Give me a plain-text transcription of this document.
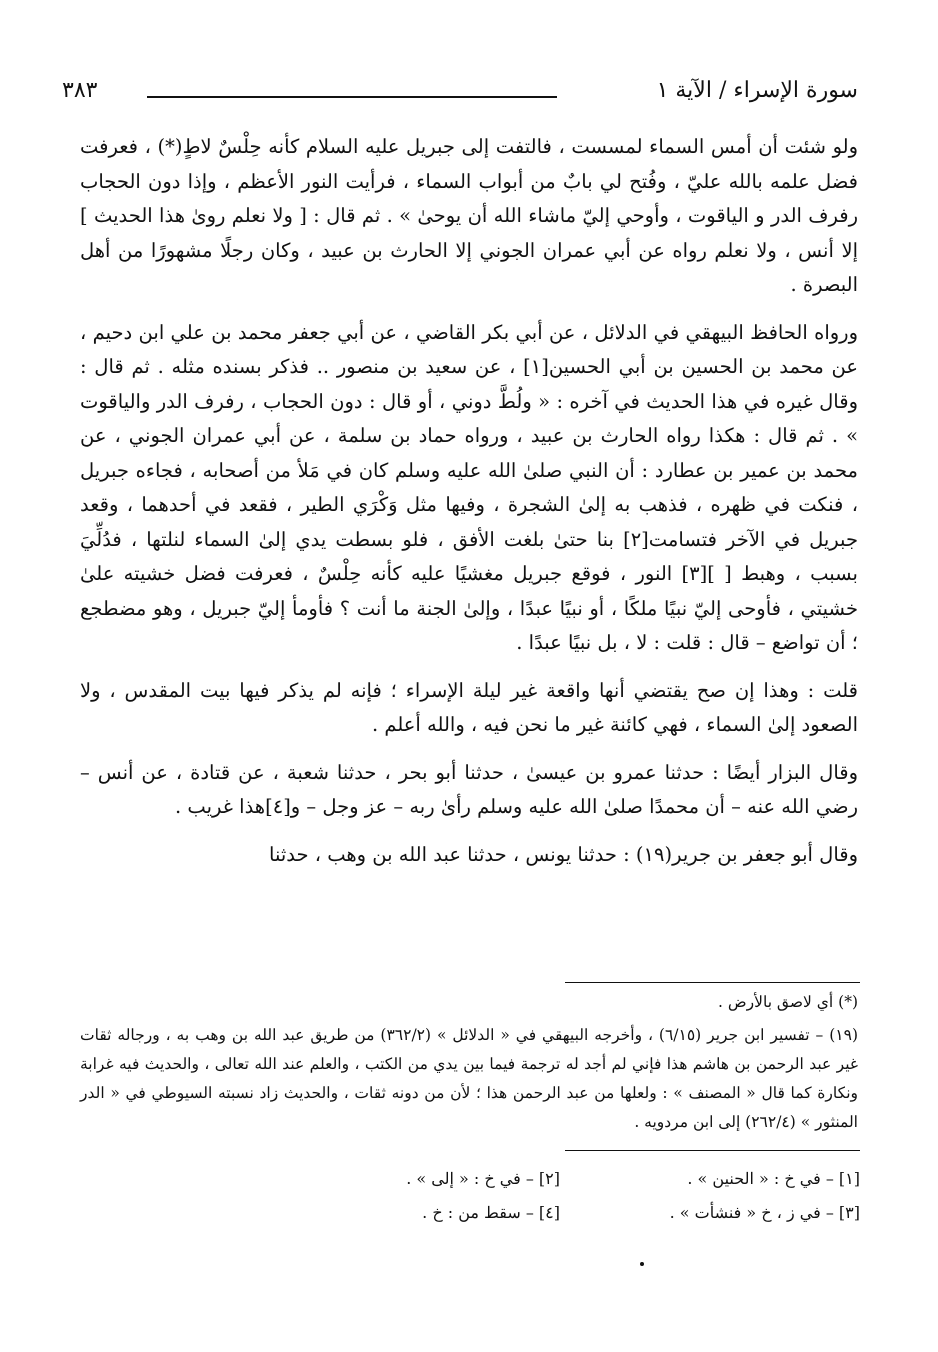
سورة الإسراء / الآية ١
٣٨٣

ولو شئت أن أمس السماء لمسست ، فالتفت إلى جبريل عليه السلام كأنه حِلْسٌ لاطٍ(*) ، فعرفت فضل علمه بالله عليّ ، وفُتح لي بابٌ من أبواب السماء ، فرأيت النور الأعظم ، وإذا دون الحجاب رفرف الدر و الياقوت ، وأوحي إليّ ماشاء الله أن يوحىٰ » . ثم قال : [ ولا نعلم روىٰ هذا الحديث ] إلا أنس ، ولا نعلم رواه عن أبي عمران الجوني إلا الحارث بن عبيد ، وكان رجلًا مشهورًا من أهل البصرة .

ورواه الحافظ البيهقي في الدلائل ، عن أبي بكر القاضي ، عن أبي جعفر محمد بن علي ابن دحيم ، عن محمد بن الحسين بن أبي الحسين[١] ، عن سعيد بن منصور .. فذكر بسنده مثله . ثم قال : وقال غيره في هذا الحديث في آخره : « ولُطَّ دوني ، أو قال : دون الحجاب ، رفرف الدر والياقوت » . ثم قال : هكذا رواه الحارث بن عبيد ، ورواه حماد بن سلمة ، عن أبي عمران الجوني ، عن محمد بن عمير بن عطارد : أن النبي صلىٰ الله عليه وسلم كان في مَلأ من أصحابه ، فجاءه جبريل ، فنكت في ظهره ، فذهب به إلىٰ الشجرة ، وفيها مثل وَكْرَي الطير ، فقعد في أحدهما ، وقعد جبريل في الآخر فتسامت[٢] بنا حتىٰ بلغت الأفق ، فلو بسطت يدي إلىٰ السماء لنلتها ، فدُلِّيَ بسبب ، وهبط [ ][٣] النور ، فوقع جبريل مغشيًا عليه كأنه حِلْسٌ ، فعرفت فضل خشيته علىٰ خشيتي ، فأوحى إليّ نبيًا ملكًا ، أو نبيًا عبدًا ، وإلىٰ الجنة ما أنت ؟ فأومأ إليّ جبريل ، وهو مضطجع ؛ أن تواضع – قال : قلت : لا ، بل نبيًا عبدًا .

قلت : وهذا إن صح يقتضي أنها واقعة غير ليلة الإسراء ؛ فإنه لم يذكر فيها بيت المقدس ، ولا الصعود إلىٰ السماء ، فهي كائنة غير ما نحن فيه ، والله أعلم .

وقال البزار أيضًا : حدثنا عمرو بن عيسىٰ ، حدثنا أبو بحر ، حدثنا شعبة ، عن قتادة ، عن أنس – رضي الله عنه – أن محمدًا صلىٰ الله عليه وسلم رأىٰ ربه – عز وجل – و[٤]هذا غريب .

وقال أبو جعفر بن جرير(١٩) : حدثنا يونس ، حدثنا عبد الله بن وهب ، حدثنا

(*) أي لاصق بالأرض .

(١٩) – تفسير ابن جرير (٦/١٥) ، وأخرجه البيهقي في « الدلائل » (٣٦٢/٢) من طريق عبد الله بن وهب به ، ورجاله ثقات غير عبد الرحمن بن هاشم هذا فإني لم أجد له ترجمة فيما بين يدي من الكتب ، والعلم عند الله تعالى ، والحديث فيه غرابة ونكارة كما قال « المصنف » : ولعلها من عبد الرحمن هذا ؛ لأن من دونه ثقات ، والحديث زاد نسبته السيوطي في « الدر المنثور » (٢٦٢/٤) إلى ابن مردويه .

[١] – في خ : « الحنين » .
[٢] – في خ : « إلى » .
[٣] – في ز ، خ « فنشأت » .
[٤] – سقط من : خ .
